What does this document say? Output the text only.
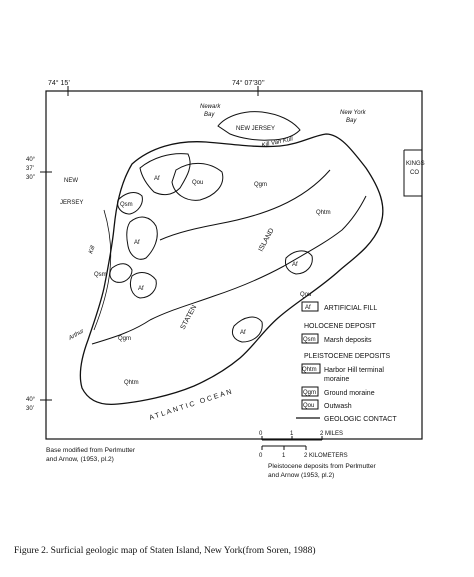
74° 15’	74° 07’30’’
40°
37’
30’’
40°
30’
KINGS
CO
NEW JERSEY
Newark
Bay	New York
Bay
Kill Van Kull
NEW
JERSEY
Kill
Arthur
STATEN
ISLAND
ATLANTIC OCEAN
Af
Qou
Qsm
Af
Qgm
Qhtm
Qsm
Af
Af
Qou
Af
Qgm
Qhtm
Af ARTIFICIAL FILL
HOLOCENE DEPOSIT
Qsm Marsh deposits
PLEISTOCENE DEPOSITS
Qhtm Harbor Hill terminal
moraine
Qgm Ground moraine
Qou Outwash
GEOLOGIC CONTACT
0	1	2 MILES
0	1	2 KILOMETERS
Base modified from Perlmutter
and Arnow, (1953, pl.2)
Pleistocene deposits from Perlmutter
and Arnow (1953, pl.2)
Figure 2. Surficial geologic map of Staten Island, New York(from Soren, 1988)
